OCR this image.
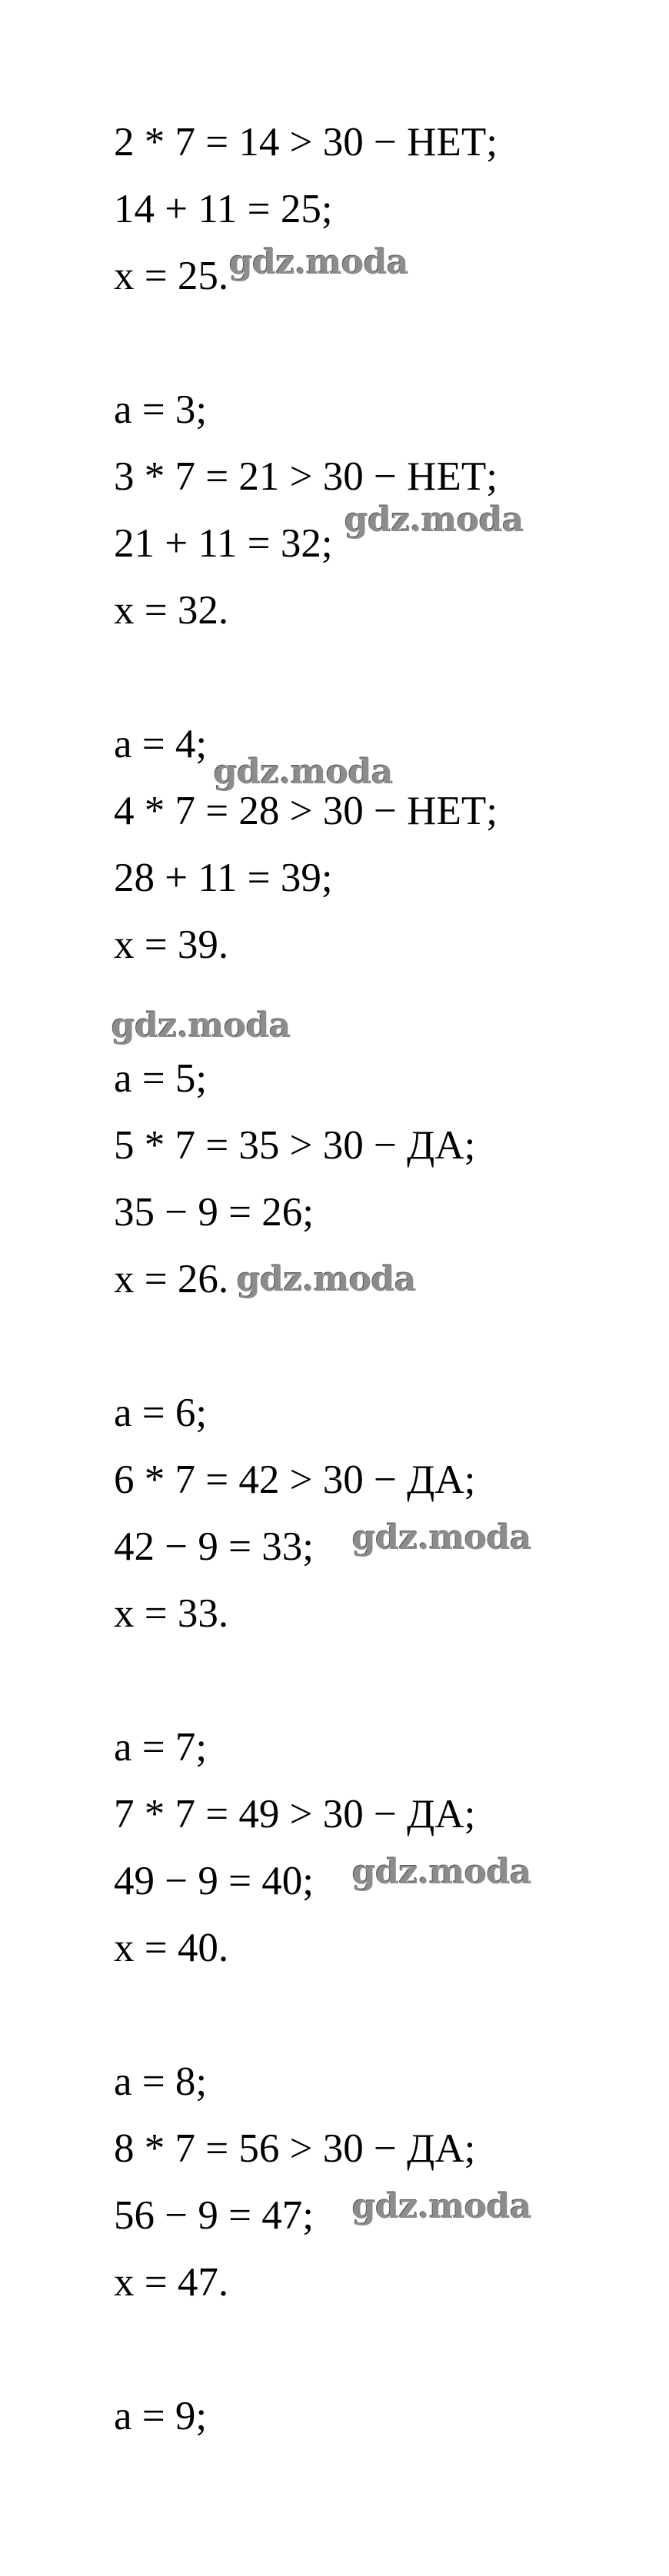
2 * 7 = 14 > 30 − НЕТ;
14 + 11 = 25;
x = 25.
a = 3;
3 * 7 = 21 > 30 − НЕТ;
21 + 11 = 32;
x = 32.
a = 4;
4 * 7 = 28 > 30 − НЕТ;
28 + 11 = 39;
x = 39.
a = 5;
5 * 7 = 35 > 30 − ДА;
35 − 9 = 26;
x = 26.
a = 6;
6 * 7 = 42 > 30 − ДА;
42 − 9 = 33;
x = 33.
a = 7;
7 * 7 = 49 > 30 − ДА;
49 − 9 = 40;
x = 40.
a = 8;
8 * 7 = 56 > 30 − ДА;
56 − 9 = 47;
x = 47.
a = 9;
gdz.moda
gdz.moda
gdz.moda
gdz.moda
gdz.moda
gdz.moda
gdz.moda
gdz.moda
